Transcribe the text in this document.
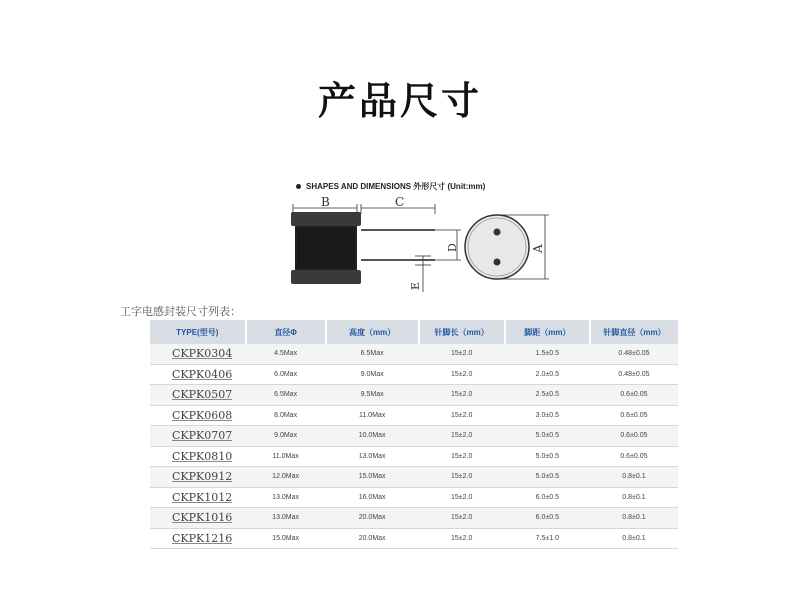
产品尺寸
SHAPES AND DIMENSIONS 外形尺寸 (Unit:mm)
B	C
D
E
A
工字电感封装尺寸列表：
TYPE(型号)	直径Φ	高度（mm）	针脚长（mm）	脚距（mm）	针脚直径（mm）
CKPK0304	4.5Max	6.5Max	15±2.0	1.5±0.5	0.48±0.05
CKPK0406	6.0Max	9.0Max	15±2.0	2.0±0.5	0.48±0.05
CKPK0507	6.5Max	9.5Max	15±2.0	2.5±0.5	0.6±0.05
CKPK0608	8.0Max	11.0Max	15±2.0	3.0±0.5	0.6±0.05
CKPK0707	9.0Max	10.0Max	15±2.0	5.0±0.5	0.6±0.05
CKPK0810	11.0Max	13.0Max	15±2.0	5.0±0.5	0.6±0.05
CKPK0912	12.0Max	15.0Max	15±2.0	5.0±0.5	0.8±0.1
CKPK1012	13.0Max	16.0Max	15±2.0	6.0±0.5	0.8±0.1
CKPK1016	13.0Max	20.0Max	15±2.0	6.0±0.5	0.8±0.1
CKPK1216	15.0Max	20.0Max	15±2.0	7.5±1.0	0.8±0.1
